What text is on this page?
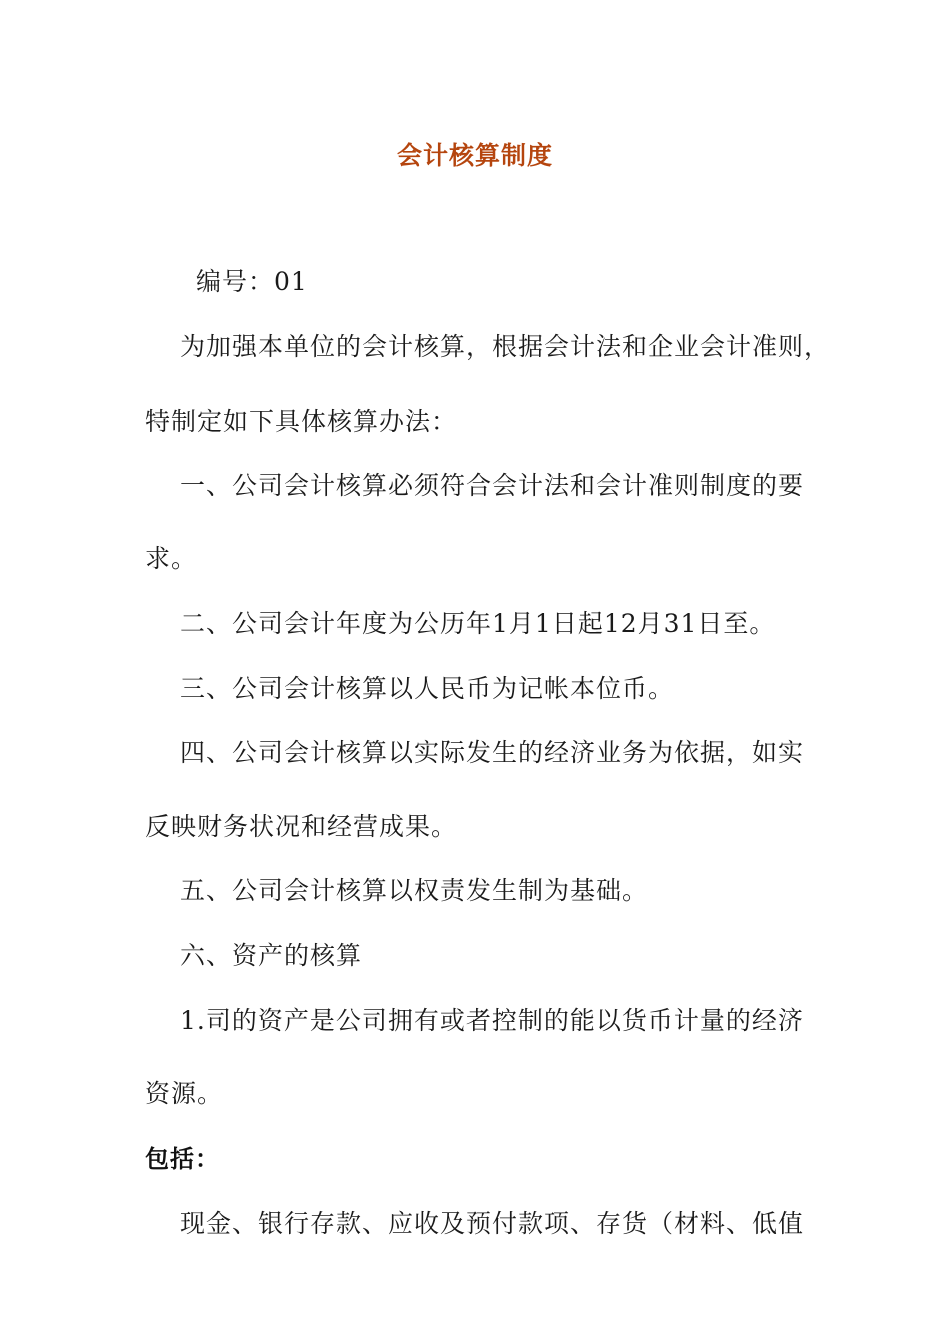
会计核算制度
编号：01
为加强本单位的会计核算，根据会计法和企业会计准则，
特制定如下具体核算办法：
一、公司会计核算必须符合会计法和会计准则制度的要
求。
二、公司会计年度为公历年1月1日起12月31日至。
三、公司会计核算以人民币为记帐本位币。
四、公司会计核算以实际发生的经济业务为依据，如实
反映财务状况和经营成果。
五、公司会计核算以权责发生制为基础。
六、资产的核算
1.司的资产是公司拥有或者控制的能以货币计量的经济
资源。
包括：
现金、银行存款、应收及预付款项、存货（材料、低值
